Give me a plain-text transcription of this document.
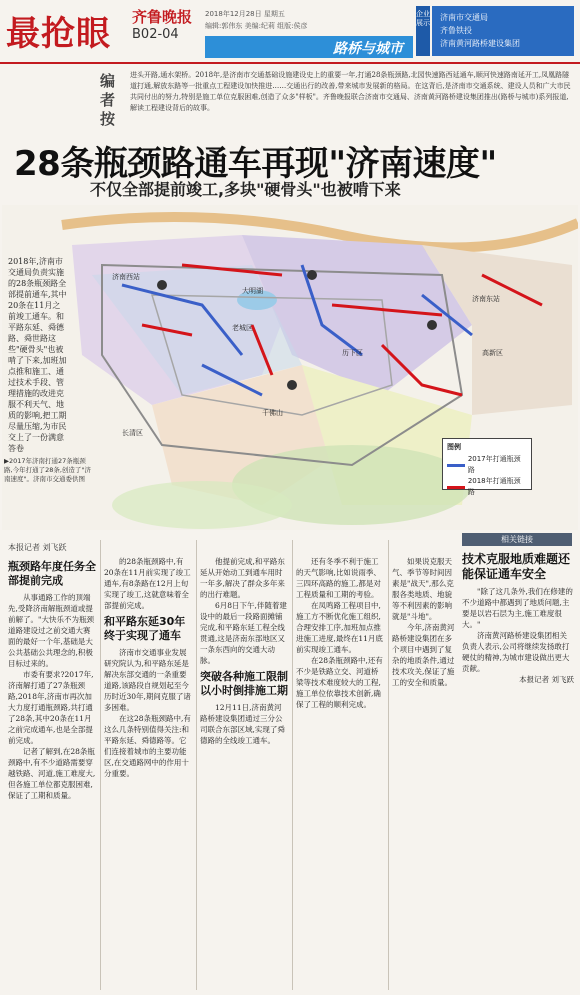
最抢眼 齐鲁晚报
B02-04
2018年12月28日 星期五
编辑:郭伟东 美编:纪莉 组版:侯彦
路桥与城市
企业展示
济南市交通局
齐鲁铁投
济南黄河路桥建设集团
编者按
进头开路,通水架桥。2018年,是济南市交通基础设施建设史上的重要一年,打通28条瓶颈路,北园快速路西延通车,顺河快速路南延开工,凤凰路隧道打通,解放东路等一批重点工程建设加快推进……交通出行的改善,带来城市发展新的格局。在这背后,是济南市交通系统、建设人员和广大市民共同付出的努力,特别是施工单位克服困难,创造了众多"样板"。齐鲁晚报联合济南市交通局、济南黄河路桥建设集团推出(路桥与城市)系列报道,解读工程建设背后的故事。
28条瓶颈路通车再现"济南速度"
不仅全部提前竣工,多块"硬骨头"也被啃下来
济南西站
老城区
大明湖
济南东站
千佛山
长清区
历下区	高新区
2018年,济南市交通局负责实施的28条瓶颈路全部提前通车,其中20条在11月之前竣工通车。和平路东延、舜德路、舜世路这些"硬骨头"也被啃了下来,加班加点推和施工、通过技术手段、管理措施的改进克服不利天气、地质的影响,把工期尽量压缩,为市民交上了一份满意答卷
▶2017年济南打通27条瓶颈路,今年打通了28条,创造了"济南速度"。济南市交通委供图
图例
2017年打通瓶颈路
2018年打通瓶颈路
本报记者 刘飞跃
瓶颈路年度任务全部提前完成

从事通路工作的顶端先,受降济南解瓶颈道或提前解了。"大快乐不为瓶颈道路建设过之前交通大赛面的最好一个年,基础是大公共基础公共理念的,积极目标过来的。

市委有要求?2017年,济南解打通了27条瓶颈路,2018年,济南市再次加大力度打通瓶颈路,共打通了28条,其中20条在11月之前完成通车,也是全部提前完成。

记者了解到,在28条瓶颈路中,有不少道路需要穿越铁路、河道,施工难度大,但各施工单位都克服困难,保证了工期和质量。

的28条瓶颈路中,有20条在11月前实现了竣工通车,有8条路在12月上旬实现了竣工,这就意味着全部提前完成。

和平路东延30年终于实现了通车

济南市交通事业发展研究院认为,和平路东延是解决东部交通的一条重要道路,该路段自规划起至今历时近30年,期间克服了诸多困难。

在这28条瓶颈路中,有这么几条特别值得关注:和平路东延、舜德路等。它们连接着城市的主要功能区,在交通路网中的作用十分重要。

他提前完成,和平路东延从开始动工到通车用时一年多,解决了群众多年来的出行难题。

6月8日下午,伴随着建设中的最后一段路面摊铺完成,和平路东延工程全线贯通,这是济南东部地区又一条东西向的交通大动脉。

突破各种施工限制以小时倒排施工期

12月11日,济南黄河路桥建设集团通过三分公司联合东部区域,实现了舜德路的全线竣工通车。

还有冬季不利于施工的天气影响,比如说雨季、三四环高路的施工,都是对工程质量和工期的考验。

在凤鸣路工程项目中,施工方不断优化施工组织,合理安排工序,加班加点推进施工进度,最终在11月底前实现竣工通车。

在28条瓶颈路中,还有不少是铁路立交、河道桥梁等技术难度较大的工程,施工单位依靠技术创新,确保了工程的顺利完成。

如果说克服天气、季节等时间因素是"战天",那么克服各类地质、地貌等不利因素的影响就是"斗地"。

今年,济南黄河路桥建设集团在多个项目中遇到了复杂的地质条件,通过技术攻关,保证了施工的安全和质量。

相关链接
技术克服地质难题还能保证通车安全

"除了这几条外,我们在修建的不少道路中都遇到了地质问题,主要是以岩石层为主,施工难度很大。"

济南黄河路桥建设集团相关负责人表示,公司将继续发扬敢打硬仗的精神,为城市建设做出更大贡献。

本报记者 刘飞跃
